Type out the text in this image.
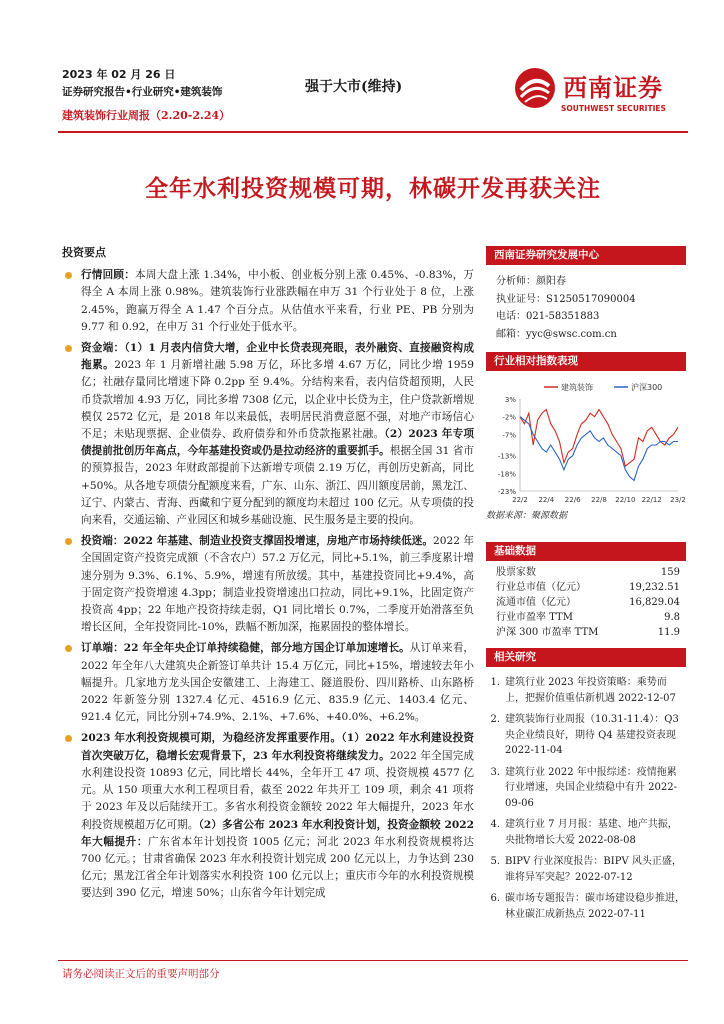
2023 年 02 月 26 日
证券研究报告•行业研究•建筑装饰
建筑装饰行业周报（2.20-2.24）
强于大市(维持)	西南证券
SOUTHWEST SECURITIES
全年水利投资规模可期，林碳开发再获关注
投资要点
行情回顾：本周大盘上涨 1.34%，中小板、创业板分别上涨 0.45%、-0.83%，万得全 A 本周上涨 0.98%。建筑装饰行业涨跌幅在申万 31 个行业处于 8 位，上涨 2.45%，跑赢万得全 A 1.47 个百分点。从估值水平来看，行业 PE、PB 分别为 9.77 和 0.92，在申万 31 个行业处于低水平。
资金端：（1）1 月表内信贷大增，企业中长贷表现亮眼，表外融资、直接融资构成拖累。2023 年 1 月新增社融 5.98 万亿，环比多增 4.67 万亿，同比少增 1959 亿；社融存量同比增速下降 0.2pp 至 9.4%。分结构来看，表内信贷超预期，人民币贷款增加 4.93 万亿，同比多增 7308 亿元，以企业中长贷为主，住户贷款新增规模仅 2572 亿元，是 2018 年以来最低，表明居民消费意愿不强，对地产市场信心不足；未贴现票据、企业债券、政府债券和外币贷款拖累社融。（2）2023 年专项债提前批创历年高点，今年基建投资或仍是拉动经济的重要抓手。根据全国 31 省市的预算报告，2023 年财政部提前下达新增专项债 2.19 万亿，再创历史新高，同比+50%。从各地专项债分配额度来看，广东、山东、浙江、四川额度居前，黑龙江、辽宁、内蒙古、青海、西藏和宁夏分配到的额度均未超过 100 亿元。从专项债的投向来看，交通运输、产业园区和城乡基础设施、民生服务是主要的投向。
投资端：2022 年基建、制造业投资支撑固投增速，房地产市场持续低迷。2022 年全国固定资产投资完成额（不含农户）57.2 万亿元，同比+5.1%，前三季度累计增速分别为 9.3%、6.1%、5.9%，增速有所放缓。其中，基建投资同比+9.4%，高于固定资产投资增速 4.3pp；制造业投资增速出口拉动，同比+9.1%，比固定资产投资高 4pp；22 年地产投资持续走弱，Q1 同比增长 0.7%，二季度开始滑落至负增长区间，全年投资同比-10%，跌幅不断加深，拖累固投的整体增长。
订单端：22 年全年央企订单持续稳健，部分地方国企订单加速增长。从订单来看，2022 年全年八大建筑央企新签订单共计 15.4 万亿元，同比+15%，增速较去年小幅提升。几家地方龙头国企安徽建工、上海建工、隧道股份、四川路桥、山东路桥 2022 年新签分别 1327.4 亿元、4516.9 亿元、835.9 亿元、1403.4 亿元、921.4 亿元，同比分别+74.9%、2.1%、+7.6%、+40.0%、+6.2%。
2023 年水利投资规模可期，为稳经济发挥重要作用。（1）2022 年水利建设投资首次突破万亿，稳增长宏观背景下，23 年水利投资将继续发力。2022 年全国完成水利建设投资 10893 亿元，同比增长 44%，全年开工 47 项、投资规模 4577 亿元。从 150 项重大水利工程项目看，截至 2022 年共开工 109 项，剩余 41 项将于 2023 年及以后陆续开工。多省水利投资金额较 2022 年大幅提升，2023 年水利投资规模超万亿可期。（2）多省公布 2023 年水利投资计划，投资金额较 2022 年大幅提升：广东省本年计划投资 1005 亿元；河北 2023 年水利投资规模将达 700 亿元。；甘肃省确保 2023 年水利投资计划完成 200 亿元以上，力争达到 230 亿元；黑龙江省全年计划落实水利投资 100 亿元以上；重庆市今年的水利投资规模要达到 390 亿元，增速 50%；山东省今年计划完成
西南证券研究发展中心
分析师：颜阳春
执业证号：S1250517090004
电话：021-58351883
邮箱：yyc@swsc.com.cn
行业相对指数表现
3%
-2%
-7%
-13%
-18%
-23%
22/2 22/4 22/6 22/8 22/10 22/12 23/2
建筑装饰	沪深300
数据来源：聚源数据
基础数据
股票家数	159
行业总市值（亿元）	19,232.51
流通市值（亿元）	16,829.04
行业市盈率 TTM	9.8
沪深 300 市盈率 TTM	11.9
相关研究
1. 建筑行业 2023 年投资策略：乘势而上，把握价值重估新机遇 2022-12-07
2. 建筑装饰行业周报（10.31-11.4）：Q3 央企业绩良好，期待 Q4 基建投资表现 2022-11-04
3. 建筑行业 2022 年中报综述：疫情拖累行业增速，央国企业绩稳中有升 2022-09-06
4. 建筑行业 7 月月报：基建、地产共振，央批物增长大爱 2022-08-08
5. BIPV 行业深度报告：BIPV 风头正盛，谁将异军突起？2022-07-12
6. 碳市场专题报告：碳市场建设稳步推进，林业碳汇成新热点 2022-07-11
请务必阅读正文后的重要声明部分
